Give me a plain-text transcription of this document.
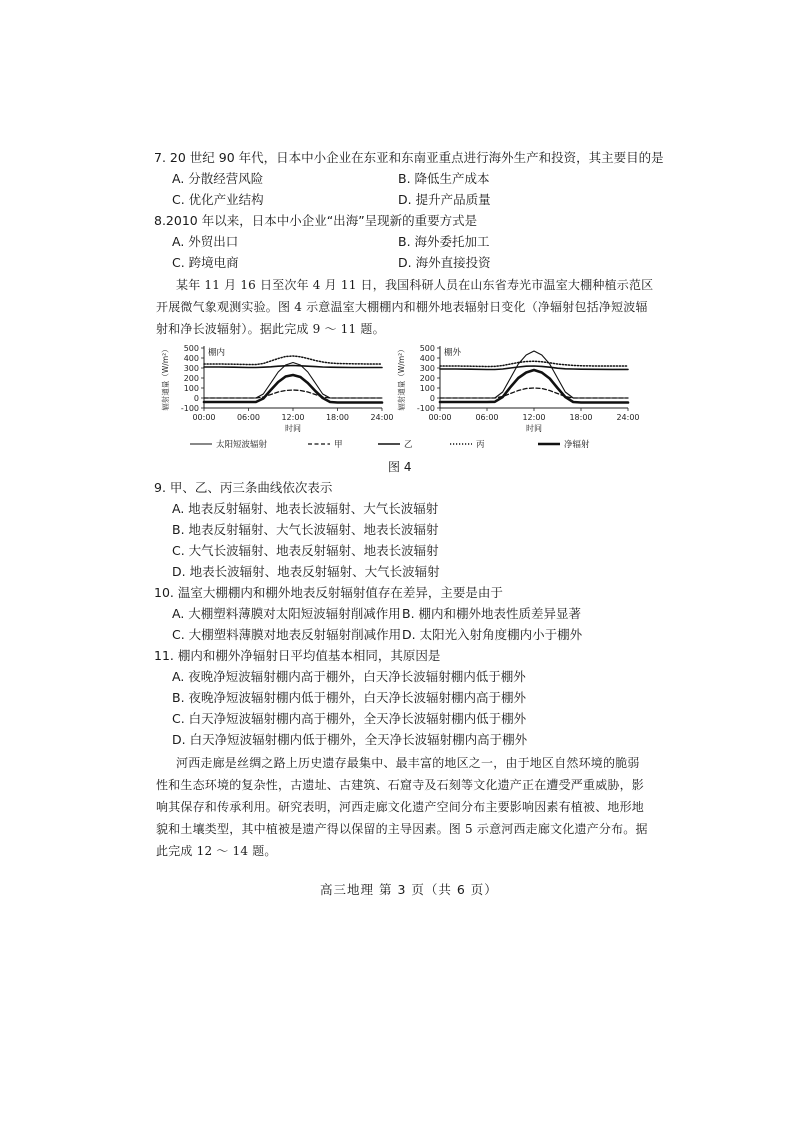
7. 20 世纪 90 年代，日本中小企业在东亚和东南亚重点进行海外生产和投资，其主要目的是
A. 分散经营风险	B. 降低生产成本
C. 优化产业结构	D. 提升产品质量
8.2010 年以来，日本中小企业“出海”呈现新的重要方式是
A. 外贸出口	B. 海外委托加工
C. 跨境电商	D. 海外直接投资
某年 11 月 16 日至次年 4 月 11 日，我国科研人员在山东省寿光市温室大棚种植示范区
开展微气象观测实验。图 4 示意温室大棚棚内和棚外地表辐射日变化（净辐射包括净短波辐
射和净长波辐射）。据此完成 9 ～ 11 题。
辐射通量（W/m²） 500
400
300
200
100
0
-100
00:00	06:00	12:00	18:00	24:00
时间
棚内	辐射通量（W/m²） 500
400
300
200
100
0
-100
00:00	06:00	12:00	18:00	24:00
时间
棚外
太阳短波辐射	甲	乙	丙	净辐射
图 4
9. 甲、乙、丙三条曲线依次表示
A. 地表反射辐射、地表长波辐射、大气长波辐射
B. 地表反射辐射、大气长波辐射、地表长波辐射
C. 大气长波辐射、地表反射辐射、地表长波辐射
D. 地表长波辐射、地表反射辐射、大气长波辐射
10. 温室大棚棚内和棚外地表反射辐射值存在差异，主要是由于
A. 大棚塑料薄膜对太阳短波辐射削减作用 B. 棚内和棚外地表性质差异显著
C. 大棚塑料薄膜对地表反射辐射削减作用 D. 太阳光入射角度棚内小于棚外
11. 棚内和棚外净辐射日平均值基本相同，其原因是
A. 夜晚净短波辐射棚内高于棚外，白天净长波辐射棚内低于棚外
B. 夜晚净短波辐射棚内低于棚外，白天净长波辐射棚内高于棚外
C. 白天净短波辐射棚内高于棚外，全天净长波辐射棚内低于棚外
D. 白天净短波辐射棚内低于棚外，全天净长波辐射棚内高于棚外
河西走廊是丝绸之路上历史遗存最集中、最丰富的地区之一，由于地区自然环境的脆弱
性和生态环境的复杂性，古遗址、古建筑、石窟寺及石刻等文化遗产正在遭受严重威胁，影
响其保存和传承利用。研究表明，河西走廊文化遗产空间分布主要影响因素有植被、地形地
貌和土壤类型，其中植被是遗产得以保留的主导因素。图 5 示意河西走廊文化遗产分布。据
此完成 12 ～ 14 题。
高三地理 第 3 页（共 6 页）
